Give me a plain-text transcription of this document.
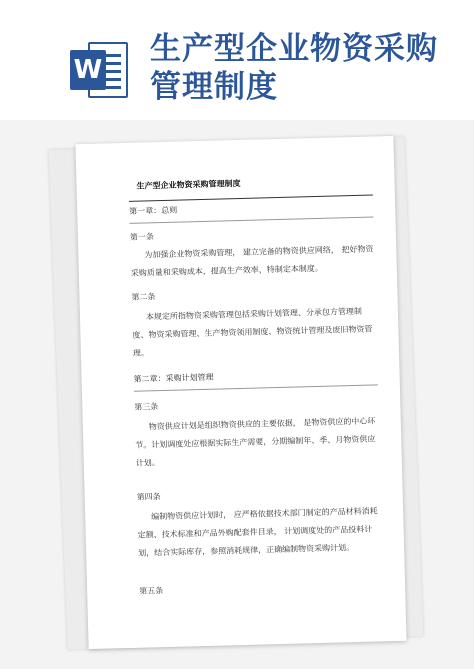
W
生产型企业物资采购管理制度
生产型企业物资采购管理制度
第一章：总则
第一条
为加强企业物资采购管理， 建立完备的物资供应网络， 把好物资采购质量和采购成本，提高生产效率，特制定本制度。
第二条
本规定所指物资采购管理包括采购计划管理、分承包方管理制度、物资采购管理、生产物资领用制度、物资统计管理及废旧物资管理。
第二章：采购计划管理
第三条
物资供应计划是组织物资供应的主要依据， 是物资供应的中心环节。计划调度处应根据实际生产需要，分期编制年、季、月物资供应计划。
第四条
编制物资供应计划时， 应严格依据技术部门制定的产品材料消耗定额、技术标准和产品外购配套件目录， 计划调度处的产品投料计划，结合实际库存，参照消耗规律，正确编制物资采购计划。
第五条
